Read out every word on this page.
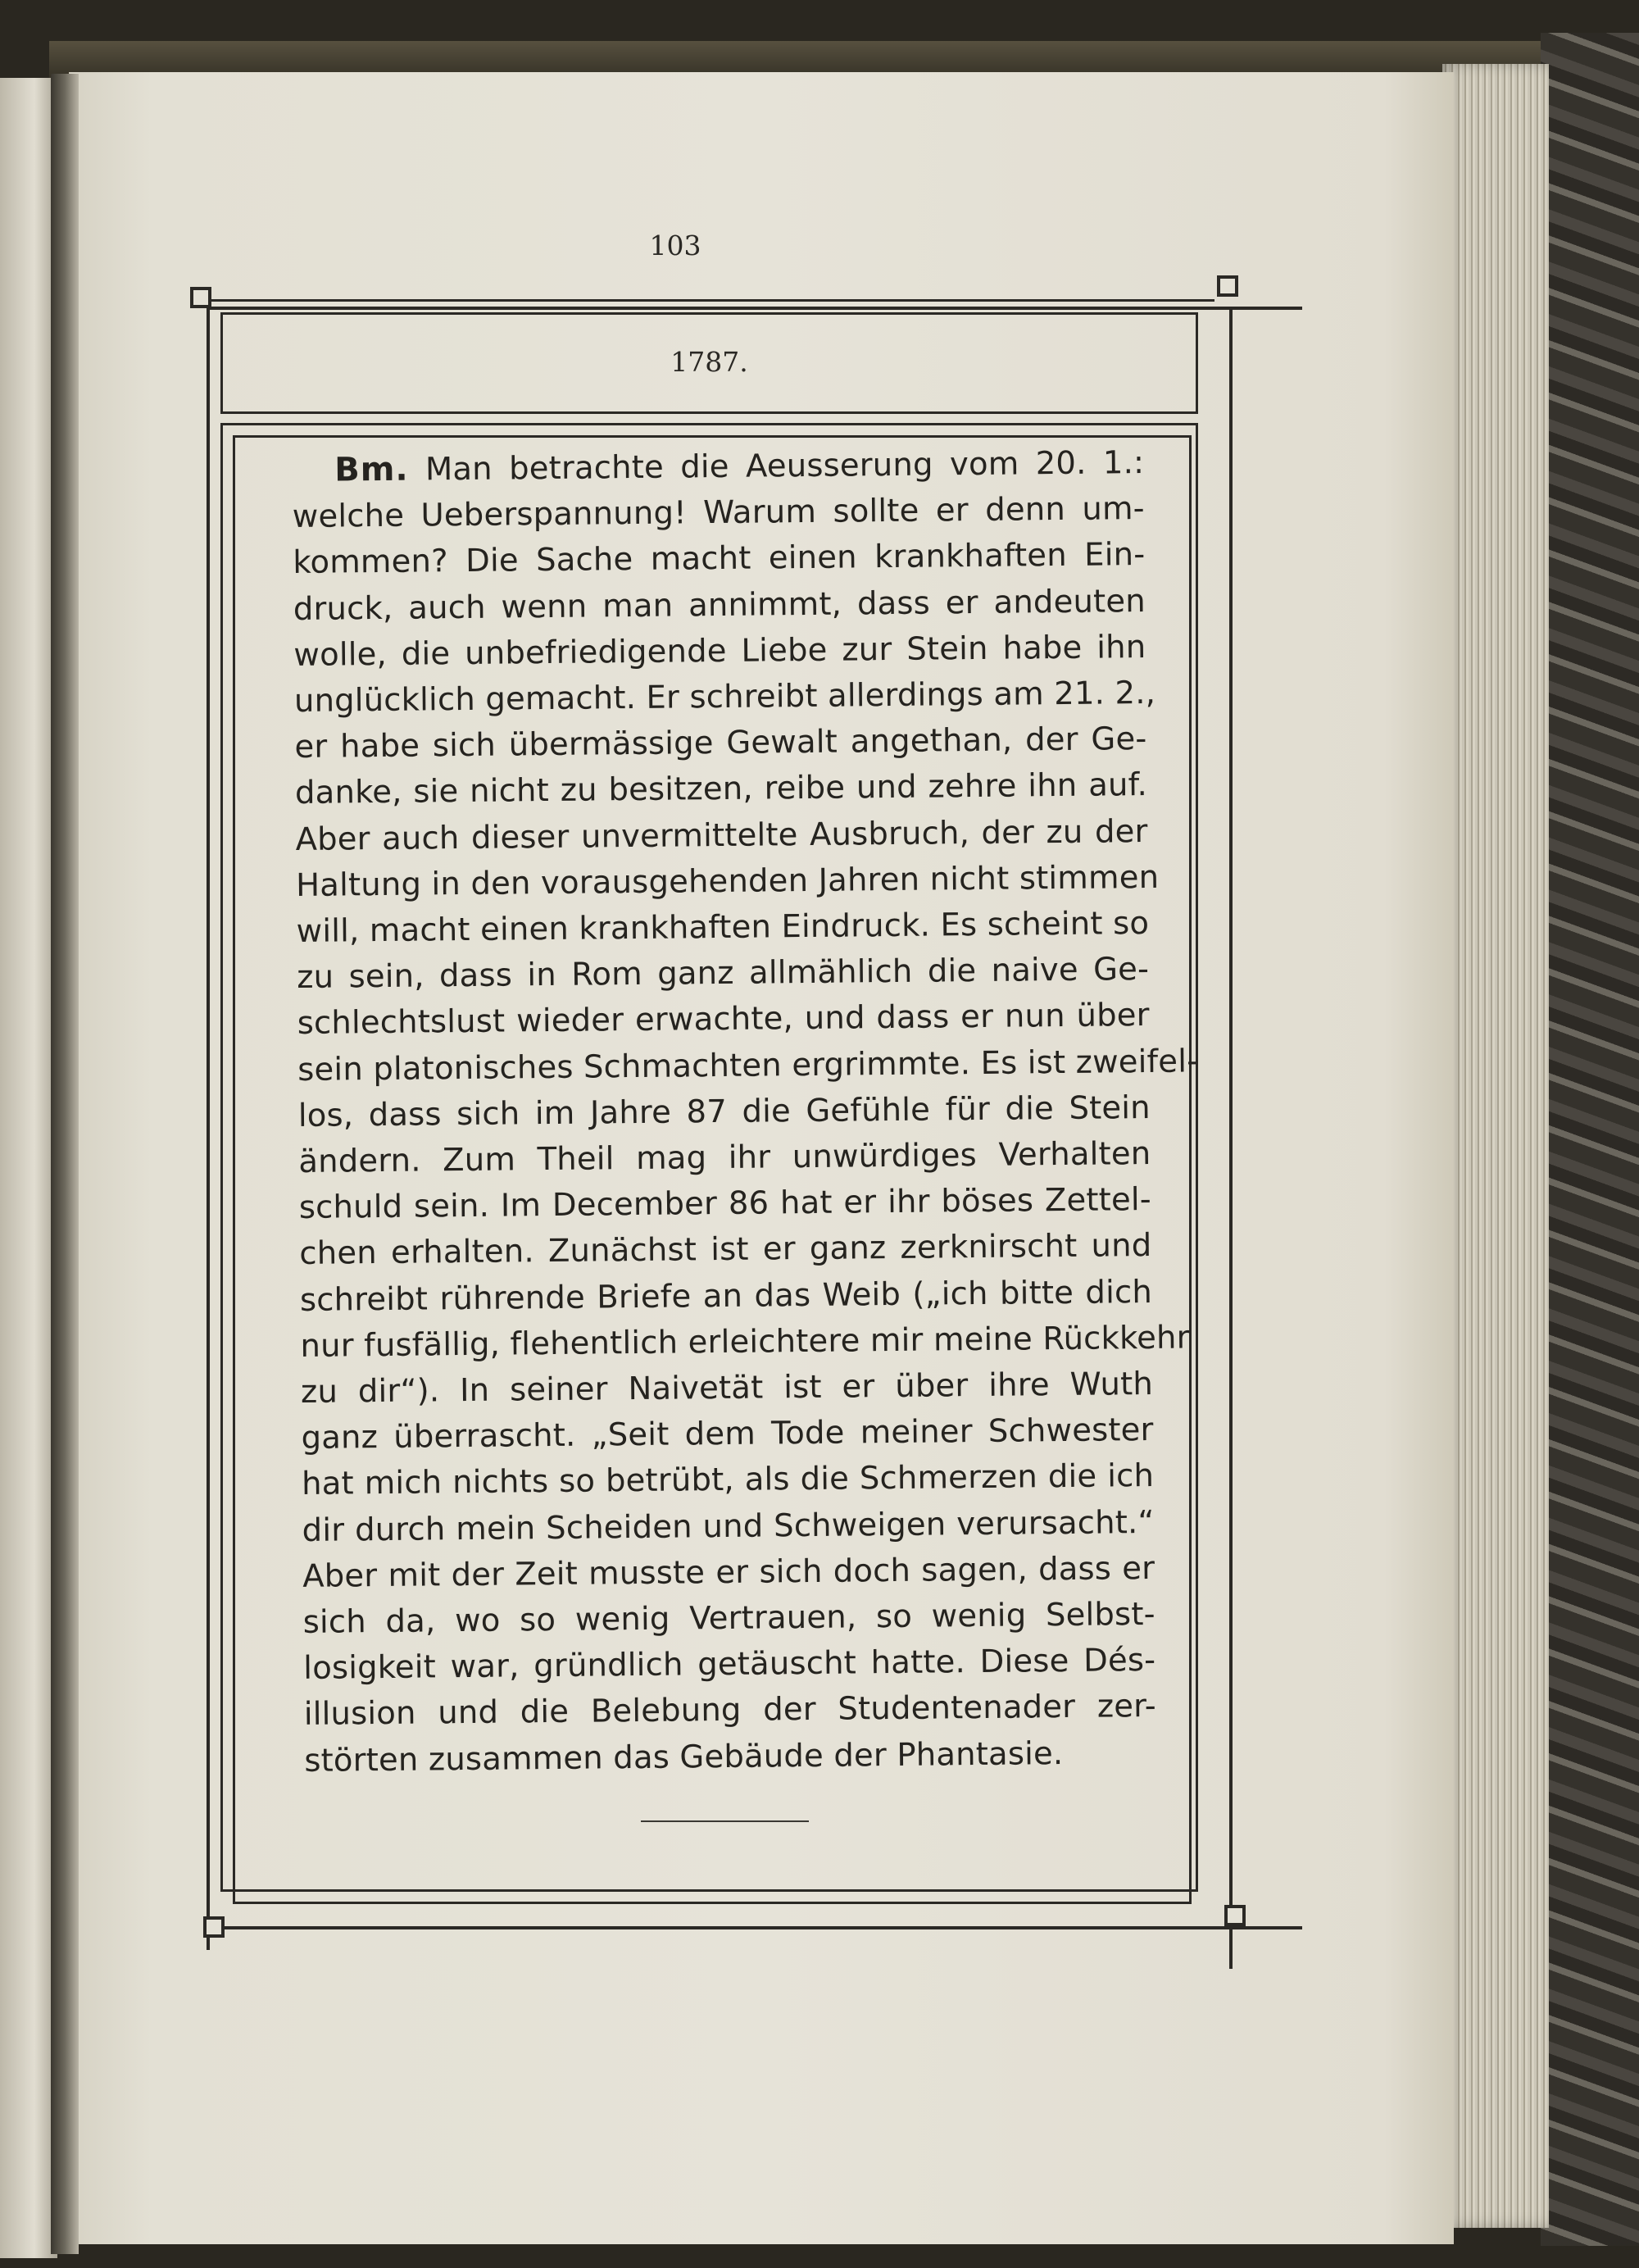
103
1787.
Bm. Man betrachte die Aeusserung vom 20. 1.:
welche Ueberspannung! Warum sollte er denn um-
kommen? Die Sache macht einen krankhaften Ein-
druck, auch wenn man annimmt, dass er andeuten
wolle, die unbefriedigende Liebe zur Stein habe ihn
unglücklich gemacht. Er schreibt allerdings am 21. 2.,
er habe sich übermässige Gewalt angethan, der Ge-
danke, sie nicht zu besitzen, reibe und zehre ihn auf.
Aber auch dieser unvermittelte Ausbruch, der zu der
Haltung in den vorausgehenden Jahren nicht stimmen
will, macht einen krankhaften Eindruck. Es scheint so
zu sein, dass in Rom ganz allmählich die naive Ge-
schlechtslust wieder erwachte, und dass er nun über
sein platonisches Schmachten ergrimmte. Es ist zweifel-
los, dass sich im Jahre 87 die Gefühle für die Stein
ändern. Zum Theil mag ihr unwürdiges Verhalten
schuld sein. Im December 86 hat er ihr böses Zettel-
chen erhalten. Zunächst ist er ganz zerknirscht und
schreibt rührende Briefe an das Weib („ich bitte dich
nur fusfällig, flehentlich erleichtere mir meine Rückkehr
zu dir“). In seiner Naivetät ist er über ihre Wuth
ganz überrascht. „Seit dem Tode meiner Schwester
hat mich nichts so betrübt, als die Schmerzen die ich
dir durch mein Scheiden und Schweigen verursacht.“
Aber mit der Zeit musste er sich doch sagen, dass er
sich da, wo so wenig Vertrauen, so wenig Selbst-
losigkeit war, gründlich getäuscht hatte. Diese Dés-
illusion und die Belebung der Studentenader zer-
störten zusammen das Gebäude der Phantasie.
